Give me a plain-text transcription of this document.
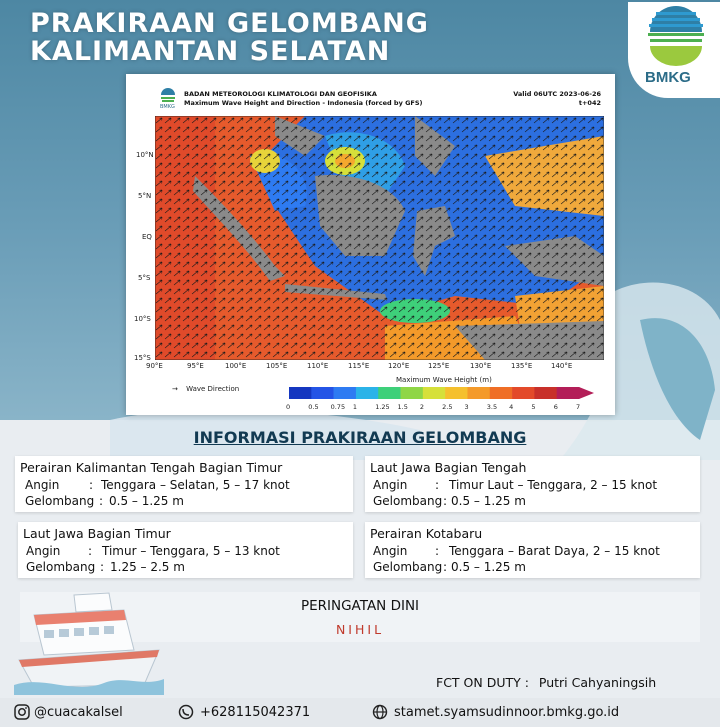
PRAKIRAAN GELOMBANG
KALIMANTAN SELATAN
BMKG
BMKG
BADAN METEOROLOGI KLIMATOLOGI DAN GEOFISIKA
Maximum Wave Height and Direction - Indonesia (forced by GFS)
Valid 06UTC 2023-06-26
t+042
10°N
5°N
EQ
5°S
10°S
15°S
90°E	95°E	100°E	105°E	110°E	115°E	120°E	125°E	130°E	135°E	140°E
→ Wave Direction
Maximum Wave Height (m)
0	0.5 0.75 1	1.25 1.5 2	2.5 3	3.5 4	5	6	7
INFORMASI PRAKIRAAN GELOMBANG
Perairan Kalimantan Tengah Bagian Timur
Angin : Tenggara – Selatan, 5 – 17 knot
Gelombang : 0.5 – 1.25 m
Laut Jawa Bagian Tengah
Angin : Timur Laut – Tenggara, 2 – 15 knot
Gelombang : 0.5 – 1.25 m
Laut Jawa Bagian Timur
Angin : Timur – Tenggara, 5 – 13 knot
Gelombang : 1.25 – 2.5 m
Perairan Kotabaru
Angin : Tenggara – Barat Daya, 2 – 15 knot
Gelombang : 0.5 – 1.25 m
PERINGATAN DINI
NIHIL
FCT ON DUTY : Putri Cahyaningsih
@cuacakalsel	+628115042371	stamet.syamsudinnoor.bmkg.go.id
